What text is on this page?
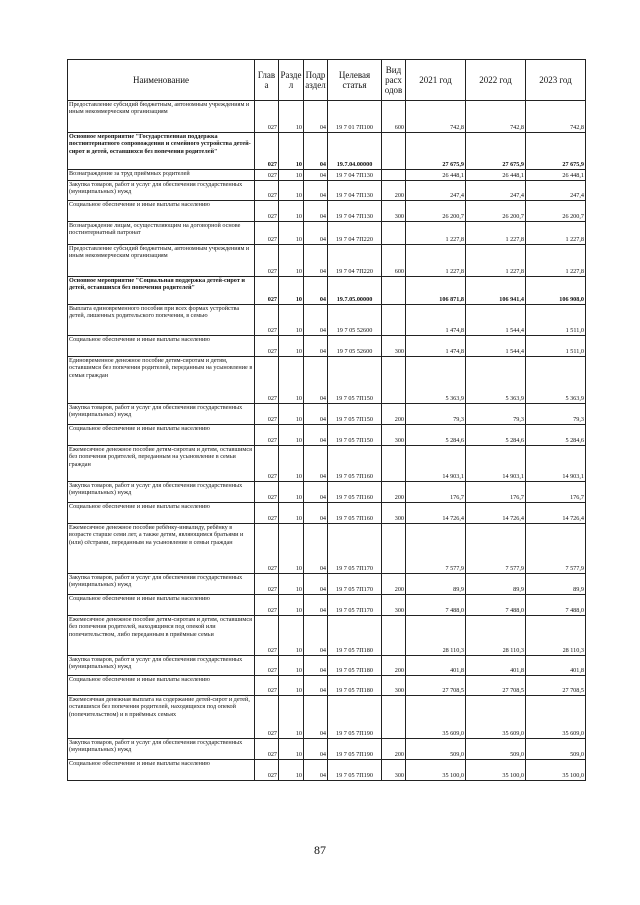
Наименование	Глав а	Разде л	Подр аздел	Целевая статья	Вид расх одов	2021 год	2022 год	2023 год
Предоставление субсидий бюджетным, автономным учреждениям и иным некоммерческим организациям	027	10	04	19 7 01 7П100	600	742,8	742,8	742,8
Основное мероприятие "Государственная поддержка постинтернатного сопровождения и семейного устройства детей-сирот и детей, оставшихся без попечения родителей"	027	10	04	19.7.04.00000		27 675,9	27 675,9	27 675,9
Вознаграждение за труд приёмных родителей	027	10	04	19 7 04 7П130		26 448,1	26 448,1	26 448,1
Закупка товаров, работ и услуг для обеспечения государственных (муниципальных) нужд	027	10	04	19 7 04 7П130	200	247,4	247,4	247,4
Социальное обеспечение и иные выплаты населению	027	10	04	19 7 04 7П130	300	26 200,7	26 200,7	26 200,7
Вознаграждение лицам, осуществляющим на договорной основе постинтернатный патронат	027	10	04	19 7 04 7П220		1 227,8	1 227,8	1 227,8
Предоставление субсидий бюджетным, автономным учреждениям и иным некоммерческим организациям	027	10	04	19 7 04 7П220	600	1 227,8	1 227,8	1 227,8
Основное мероприятие "Социальная поддержка детей-сирот и детей, оставшихся без попечения родителей"	027	10	04	19.7.05.00000		106 871,8	106 941,4	106 908,0
Выплата единовременного пособия при всех формах устройства детей, лишенных родительского попечения, в семью	027	10	04	19 7 05 52600		1 474,8	1 544,4	1 511,0
Социальное обеспечение и иные выплаты населению	027	10	04	19 7 05 52600	300	1 474,8	1 544,4	1 511,0
Единовременное денежное пособие детям-сиротам и детям, оставшимся без попечения родителей, переданным на усыновление в семьи граждан	027	10	04	19 7 05 7П150		5 363,9	5 363,9	5 363,9
Закупка товаров, работ и услуг для обеспечения государственных (муниципальных) нужд	027	10	04	19 7 05 7П150	200	79,3	79,3	79,3
Социальное обеспечение и иные выплаты населению	027	10	04	19 7 05 7П150	300	5 284,6	5 284,6	5 284,6
Ежемесячное денежное пособие детям-сиротам и детям, оставшимся без попечения родителей, переданным на усыновление в семьи граждан	027	10	04	19 7 05 7П160		14 903,1	14 903,1	14 903,1
Закупка товаров, работ и услуг для обеспечения государственных (муниципальных) нужд	027	10	04	19 7 05 7П160	200	176,7	176,7	176,7
Социальное обеспечение и иные выплаты населению	027	10	04	19 7 05 7П160	300	14 726,4	14 726,4	14 726,4
Ежемесячное денежное пособие ребёнку-инвалиду, ребёнку в возрасте старше семи лет, а также детям, являющимся братьями и (или) сёстрами, переданным на усыновление в семьи граждан	027	10	04	19 7 05 7П170		7 577,9	7 577,9	7 577,9
Закупка товаров, работ и услуг для обеспечения государственных (муниципальных) нужд	027	10	04	19 7 05 7П170	200	89,9	89,9	89,9
Социальное обеспечение и иные выплаты населению	027	10	04	19 7 05 7П170	300	7 488,0	7 488,0	7 488,0
Ежемесячное денежное пособие детям-сиротам и детям, оставшимся без попечения родителей, находящимся под опекой или попечительством, либо переданным в приёмные семьи	027	10	04	19 7 05 7П180		28 110,3	28 110,3	28 110,3
Закупка товаров, работ и услуг для обеспечения государственных (муниципальных) нужд	027	10	04	19 7 05 7П180	200	401,8	401,8	401,8
Социальное обеспечение и иные выплаты населению	027	10	04	19 7 05 7П180	300	27 708,5	27 708,5	27 708,5
Ежемесячная денежная выплата на содержание детей-сирот и детей, оставшихся без попечения родителей, находящихся под опекой (попечительством) и в приёмных семьях	027	10	04	19 7 05 7П190		35 609,0	35 609,0	35 609,0
Закупка товаров, работ и услуг для обеспечения государственных (муниципальных) нужд	027	10	04	19 7 05 7П190	200	509,0	509,0	509,0
Социальное обеспечение и иные выплаты населению	027	10	04	19 7 05 7П190	300	35 100,0	35 100,0	35 100,0
87
